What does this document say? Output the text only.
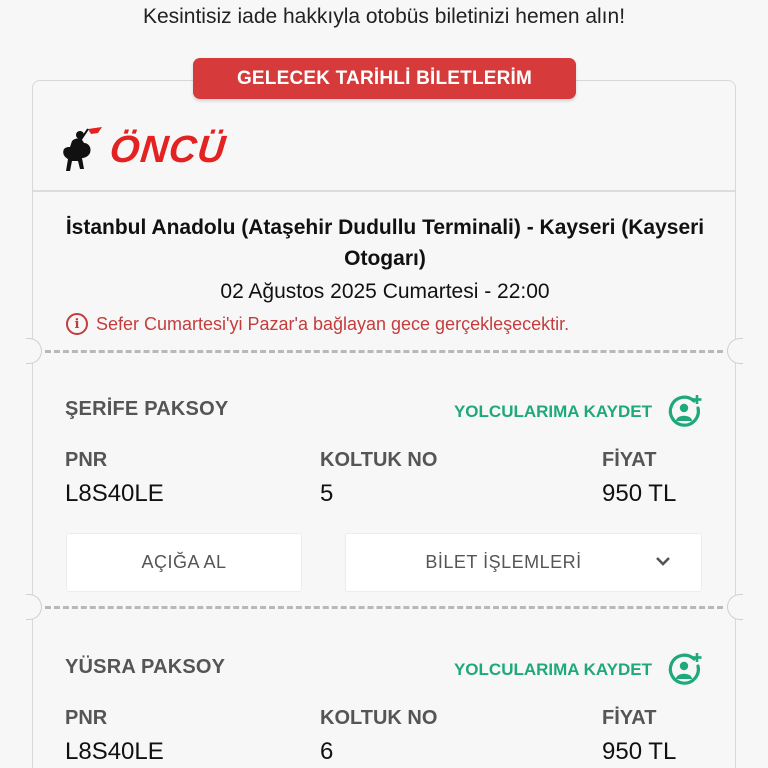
Kesintisiz iade hakkıyla otobüs biletinizi hemen alın!
GELECEK TARİHLİ BİLETLERİM
ÖNCÜ
İstanbul Anadolu (Ataşehir Dudullu Terminali) - Kayseri (Kayseri Otogarı)
02 Ağustos 2025 Cumartesi - 22:00
i Sefer Cumartesi'yi Pazar'a bağlayan gece gerçekleşecektir.
ŞERİFE PAKSOY	YOLCULARIMA KAYDET
PNR	KOLTUK NO	FİYAT
L8S40LE	5	950 TL
AÇIĞA AL	BİLET İŞLEMLERİ
YÜSRA PAKSOY	YOLCULARIMA KAYDET
PNR	KOLTUK NO	FİYAT
L8S40LE	6	950 TL
